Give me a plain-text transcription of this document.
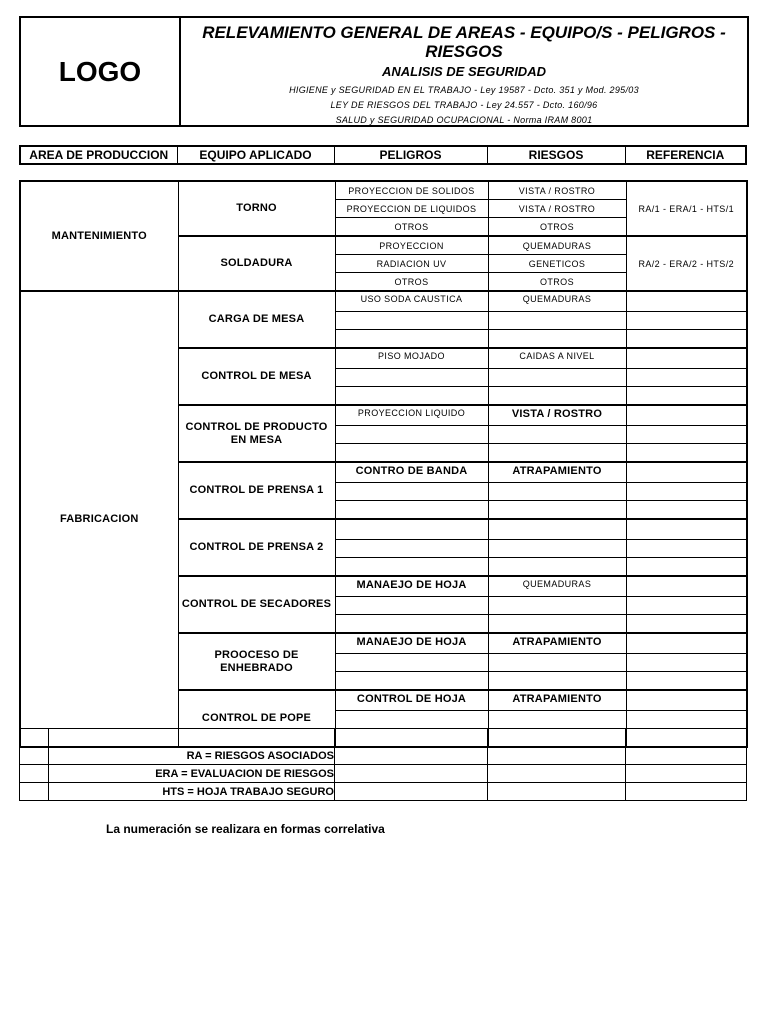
LOGO
RELEVAMIENTO GENERAL DE AREAS - EQUIPO/S - PELIGROS - RIESGOS
ANALISIS DE SEGURIDAD
HIGIENE y SEGURIDAD EN EL TRABAJO - Ley 19587 - Dcto. 351 y Mod. 295/03
LEY DE RIESGOS DEL TRABAJO - Ley 24.557 - Dcto. 160/96
SALUD y SEGURIDAD OCUPACIONAL - Norma IRAM 8001
AREA DE PRODUCCION	EQUIPO APLICADO	PELIGROS	RIESGOS	REFERENCIA
MANTENIMIENTO	TORNO	PROYECCION DE SOLIDOS	VISTA / ROSTRO	RA/1 - ERA/1 - HTS/1
		PROYECCION DE LIQUIDOS	VISTA / ROSTRO	
		OTROS	OTROS	
	SOLDADURA	PROYECCION	QUEMADURAS	RA/2 - ERA/2 - HTS/2
		RADIACION UV	GENETICOS	
		OTROS	OTROS	
FABRICACION	CARGA DE MESA	USO SODA CAUSTICA	QUEMADURAS	

	CONTROL DE MESA	PISO MOJADO	CAIDAS A NIVEL	

	CONTROL DE PRODUCTO EN MESA	PROYECCION LIQUIDO	VISTA / ROSTRO	

	CONTROL DE PRENSA 1	CONTRO DE BANDA	ATRAPAMIENTO	

	CONTROL DE PRENSA 2			

	CONTROL DE SECADORES	MANAEJO DE HOJA	QUEMADURAS	

	PROOCESO DE ENHEBRADO	MANAEJO DE HOJA	ATRAPAMIENTO	

	CONTROL DE POPE	CONTROL DE HOJA	ATRAPAMIENTO	

	RA = RIESGOS ASOCIADOS			
	ERA = EVALUACION DE RIESGOS			
	HTS = HOJA TRABAJO SEGURO			
La numeración se realizara en formas correlativa
